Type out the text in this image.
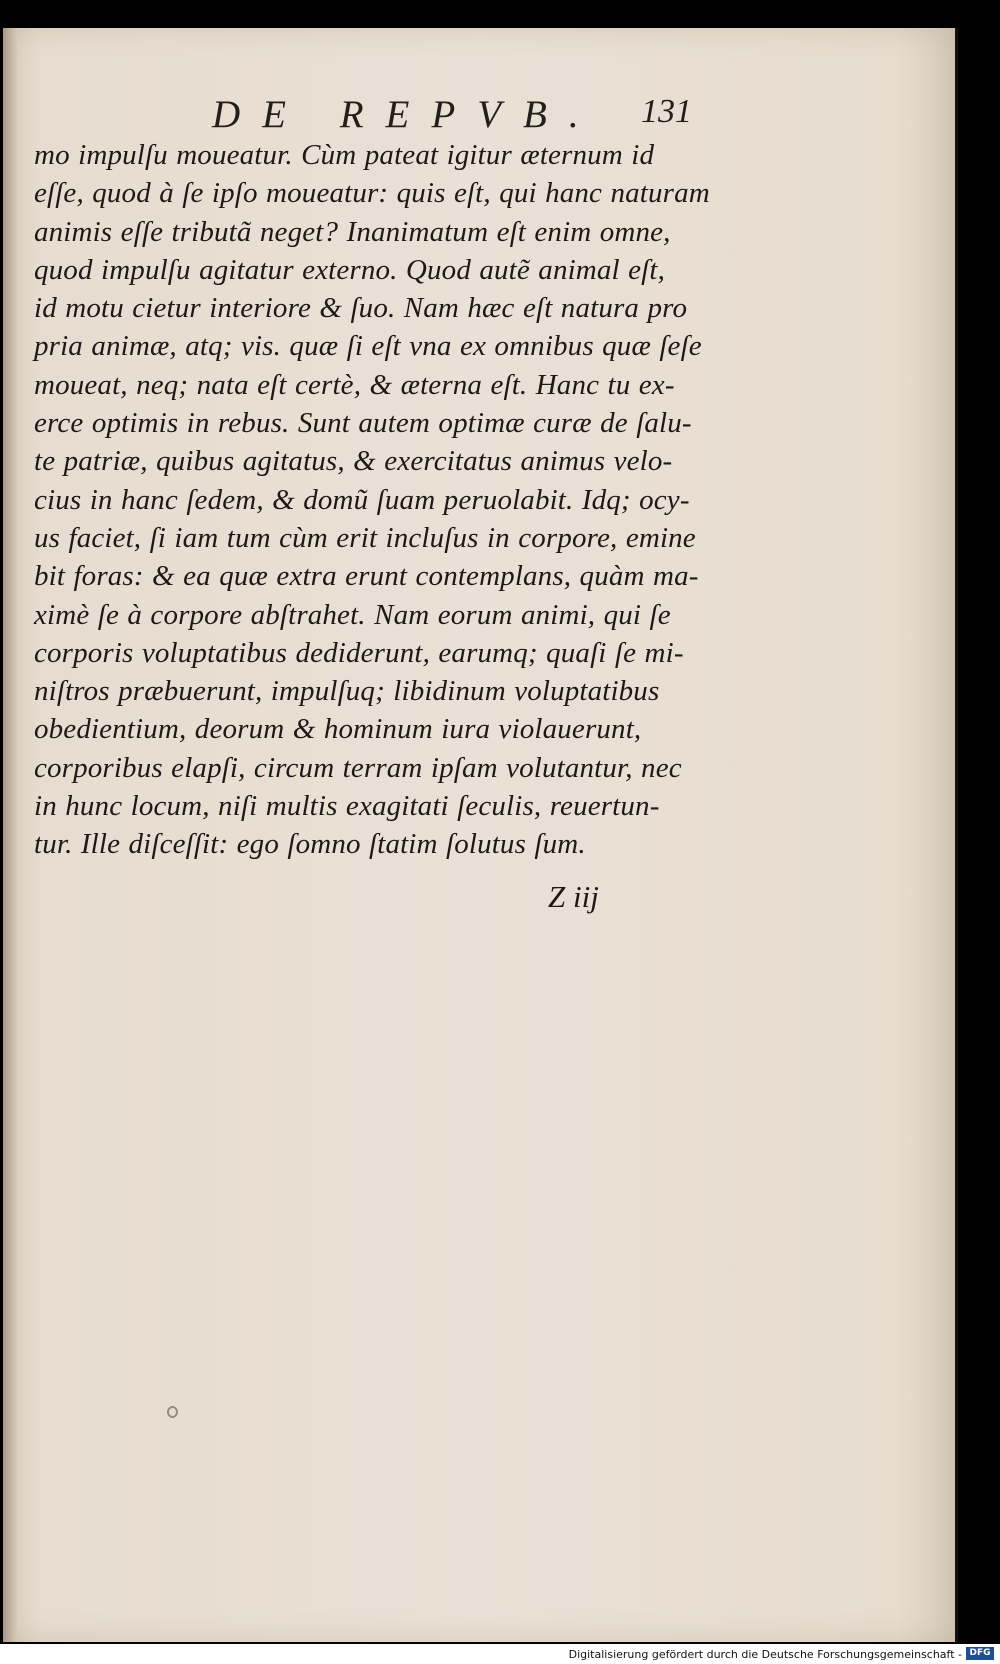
DE REPVB.	131
mo impulſu moueatur. Cùm pateat igitur æternum id
eſſe, quod à ſe ipſo moueatur: quis eſt, qui hanc naturam
animis eſſe tributã neget? Inanimatum eſt enim omne,
quod impulſu agitatur externo. Quod autẽ animal eſt,
id motu cietur interiore & ſuo. Nam hæc eſt natura pro
pria animæ, atq; vis. quæ ſi eſt vna ex omnibus quæ ſeſe
moueat, neq; nata eſt certè, & æterna eſt. Hanc tu ex-
erce optimis in rebus. Sunt autem optimæ curæ de ſalu-
te patriæ, quibus agitatus, & exercitatus animus velo-
cius in hanc ſedem, & domũ ſuam peruolabit. Idq; ocy-
us faciet, ſi iam tum cùm erit incluſus in corpore, emine
bit foras: & ea quæ extra erunt contemplans, quàm ma-
ximè ſe à corpore abſtrahet. Nam eorum animi, qui ſe
corporis voluptatibus dediderunt, earumq; quaſi ſe mi-
niſtros præbuerunt, impulſuq; libidinum voluptatibus
obedientium, deorum & hominum iura violauerunt,
corporibus elapſi, circum terram ipſam volutantur, nec
in hunc locum, niſi multis exagitati ſeculis, reuertun-
tur. Ille diſceſſit: ego ſomno ſtatim ſolutus ſum.
Z iij
Digitalisierung gefördert durch die Deutsche Forschungsgemeinschaft - DFG
